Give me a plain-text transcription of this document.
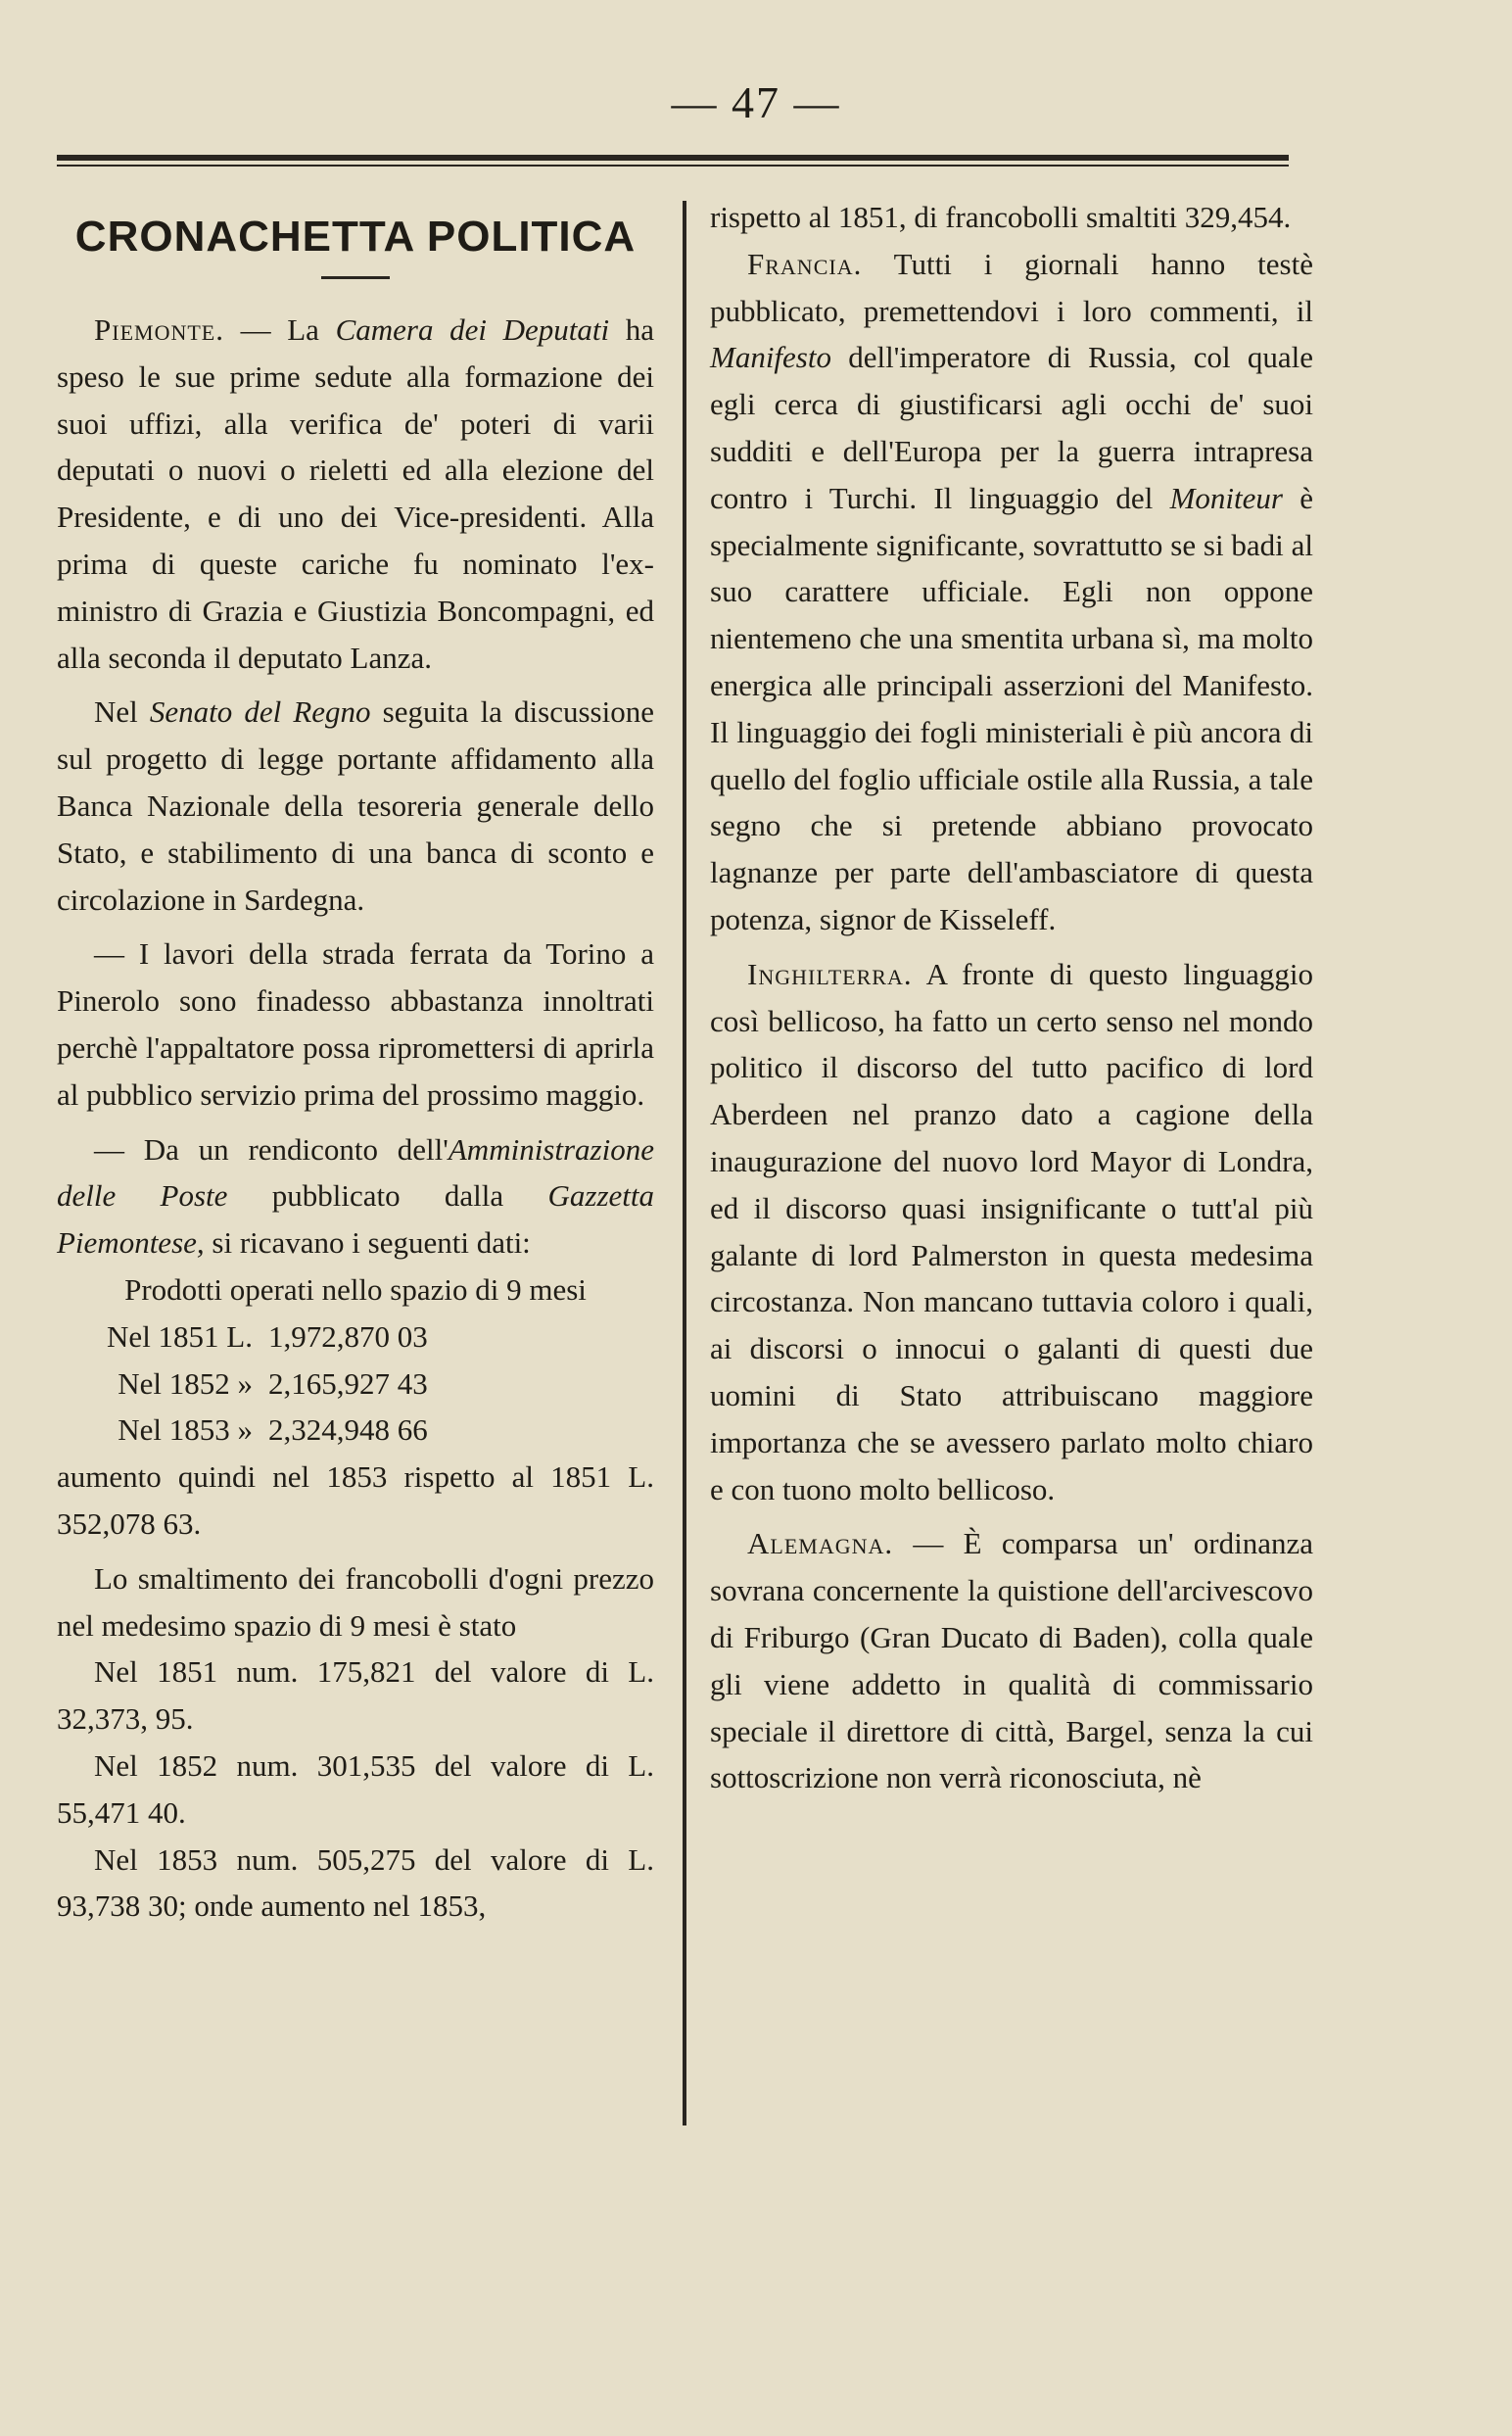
— 47 —
CRONACHETTA POLITICA

Piemonte. — La Camera dei Deputati ha speso le sue prime sedute alla formazione dei suoi uffizi, alla verifica de' poteri di varii deputati o nuovi o rieletti ed alla elezione del Presidente, e di uno dei Vice-presidenti. Alla prima di queste cariche fu nominato l'ex-ministro di Grazia e Giustizia Boncompagni, ed alla seconda il deputato Lanza.

Nel Senato del Regno seguita la discussione sul progetto di legge portante affidamento alla Banca Nazionale della tesoreria generale dello Stato, e stabilimento di una banca di sconto e circolazione in Sardegna.

— I lavori della strada ferrata da Torino a Pinerolo sono finadesso abbastanza innoltrati perchè l'appaltatore possa ripromettersi di aprirla al pubblico servizio prima del prossimo maggio.

— Da un rendiconto dell'Amministrazione delle Poste pubblicato dalla Gazzetta Piemontese, si ricavano i seguenti dati:

Prodotti operati nello spazio di 9 mesi

Nel 1851 L. 1,972,870 03
Nel 1852 » 2,165,927 43
Nel 1853 » 2,324,948 66

aumento quindi nel 1853 rispetto al 1851 L. 352,078 63.

Lo smaltimento dei francobolli d'ogni prezzo nel medesimo spazio di 9 mesi è stato

Nel 1851 num. 175,821 del valore di L. 32,373, 95.

Nel 1852 num. 301,535 del valore di L. 55,471 40.

Nel 1853 num. 505,275 del valore di L. 93,738 30; onde aumento nel 1853,

rispetto al 1851, di francobolli smaltiti 329,454.

Francia. Tutti i giornali hanno testè pubblicato, premettendovi i loro commenti, il Manifesto dell'imperatore di Russia, col quale egli cerca di giustificarsi agli occhi de' suoi sudditi e dell'Europa per la guerra intrapresa contro i Turchi. Il linguaggio del Moniteur è specialmente significante, sovrattutto se si badi al suo carattere ufficiale. Egli non oppone nientemeno che una smentita urbana sì, ma molto energica alle principali asserzioni del Manifesto. Il linguaggio dei fogli ministeriali è più ancora di quello del foglio ufficiale ostile alla Russia, a tale segno che si pretende abbiano provocato lagnanze per parte dell'ambasciatore di questa potenza, signor de Kisseleff.

Inghilterra. A fronte di questo linguaggio così bellicoso, ha fatto un certo senso nel mondo politico il discorso del tutto pacifico di lord Aberdeen nel pranzo dato a cagione della inaugurazione del nuovo lord Mayor di Londra, ed il discorso quasi insignificante o tutt'al più galante di lord Palmerston in questa medesima circostanza. Non mancano tuttavia coloro i quali, ai discorsi o innocui o galanti di questi due uomini di Stato attribuiscano maggiore importanza che se avessero parlato molto chiaro e con tuono molto bellicoso.

Alemagna. — È comparsa un' ordinanza sovrana concernente la quistione dell'arcivescovo di Friburgo (Gran Ducato di Baden), colla quale gli viene addetto in qualità di commissario speciale il direttore di città, Bargel, senza la cui sottoscrizione non verrà riconosciuta, nè
